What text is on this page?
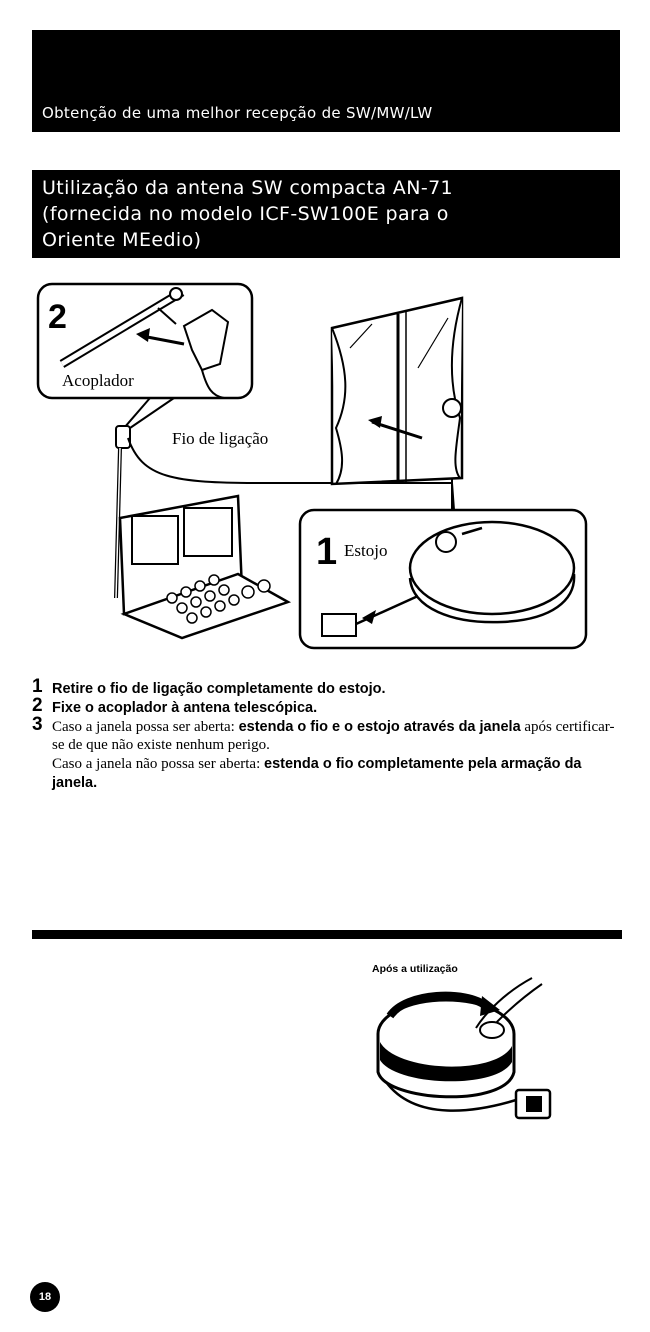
Obtenção de uma melhor recepção de SW/MW/LW
Utilização da antena SW compacta AN-71
(fornecida no modelo ICF-SW100E para o
Oriente MEedio)
2
Acoplador
Fio de ligação
1 Estojo
1 Retire o fio de ligação completamente do estojo.
2 Fixe o acoplador à antena telescópica.
3 Caso a janela possa ser aberta: estenda o fio e o estojo através da janela após certificar-se de que não existe nenhum perigo.
Caso a janela não possa ser aberta: estenda o fio completamente pela armação da janela.
Após a utilização
18
